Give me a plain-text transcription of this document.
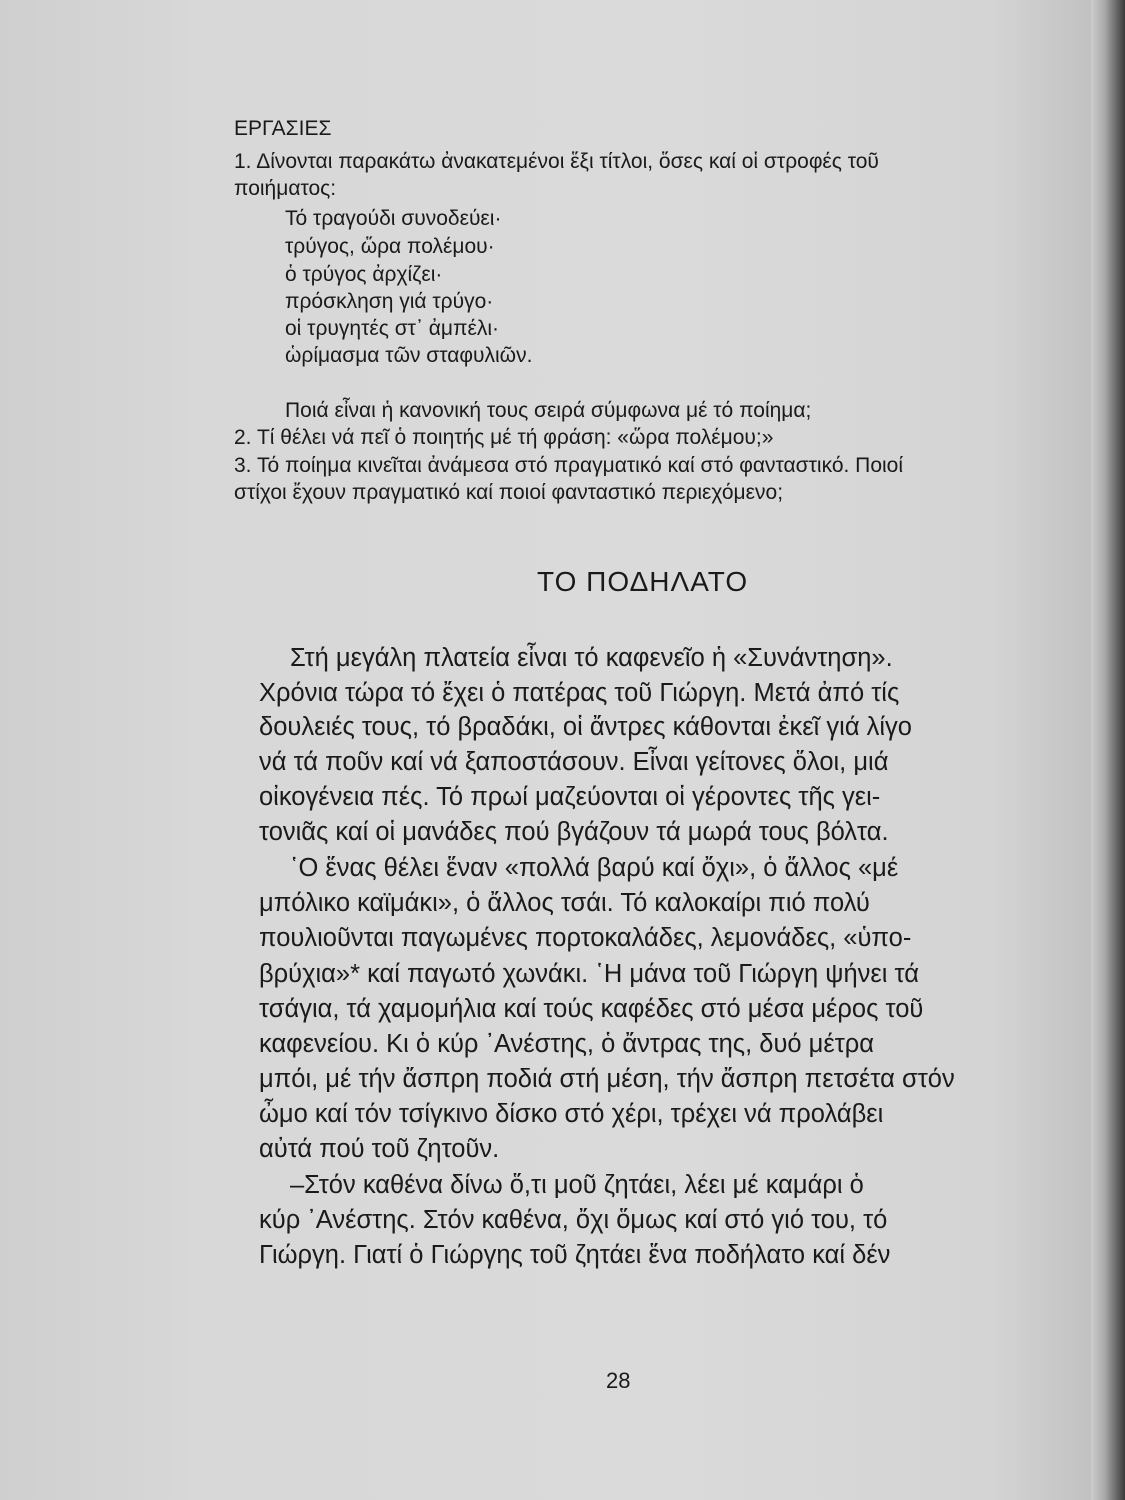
ΕΡΓΑΣΙΕΣ
1. Δίνονται παρακάτω ἀνακατεμένοι ἕξι τίτλοι, ὅσες καί οἱ στροφές τοῦ
ποιήματος:
Τό τραγούδι συνοδεύει·
τρύγος, ὥρα πολέμου·
ὁ τρύγος ἀρχίζει·
πρόσκληση γιά τρύγο·
οἱ τρυγητές στ᾿ ἀμπέλι·
ὡρίμασμα τῶν σταφυλιῶν.
Ποιά εἶναι ἡ κανονική τους σειρά σύμφωνα μέ τό ποίημα;
2. Τί θέλει νά πεῖ ὁ ποιητής μέ τή φράση: «ὥρα πολέμου;»
3. Τό ποίημα κινεῖται ἀνάμεσα στό πραγματικό καί στό φανταστικό. Ποιοί
στίχοι ἔχουν πραγματικό καί ποιοί φανταστικό περιεχόμενο;
ΤΟ ΠΟΔΗΛΑΤΟ
Στή μεγάλη πλατεία εἶναι τό καφενεῖο ἡ «Συνάντηση».
Χρόνια τώρα τό ἔχει ὁ πατέρας τοῦ Γιώργη. Μετά ἀπό τίς
δουλειές τους, τό βραδάκι, οἱ ἄντρες κάθονται ἐκεῖ γιά λίγο
νά τά ποῦν καί νά ξαποστάσουν. Εἶναι γείτονες ὅλοι, μιά
οἰκογένεια πές. Τό πρωί μαζεύονται οἱ γέροντες τῆς γει-
τονιᾶς καί οἱ μανάδες πού βγάζουν τά μωρά τους βόλτα.
῾Ο ἕνας θέλει ἕναν «πολλά βαρύ καί ὄχι», ὁ ἄλλος «μέ
μπόλικο καϊμάκι», ὁ ἄλλος τσάι. Τό καλοκαίρι πιό πολύ
πουλιοῦνται παγωμένες πορτοκαλάδες, λεμονάδες, «ὑπο-
βρύχια»* καί παγωτό χωνάκι. ῾Η μάνα τοῦ Γιώργη ψήνει τά
τσάγια, τά χαμομήλια καί τούς καφέδες στό μέσα μέρος τοῦ
καφενείου. Κι ὁ κύρ ᾿Ανέστης, ὁ ἄντρας της, δυό μέτρα
μπόι, μέ τήν ἄσπρη ποδιά στή μέση, τήν ἄσπρη πετσέτα στόν
ὦμο καί τόν τσίγκινο δίσκο στό χέρι, τρέχει νά προλάβει
αὐτά πού τοῦ ζητοῦν.
–Στόν καθένα δίνω ὅ,τι μοῦ ζητάει, λέει μέ καμάρι ὁ
κύρ ᾿Ανέστης. Στόν καθένα, ὄχι ὅμως καί στό γιό του, τό
Γιώργη. Γιατί ὁ Γιώργης τοῦ ζητάει ἕνα ποδήλατο καί δέν
28
